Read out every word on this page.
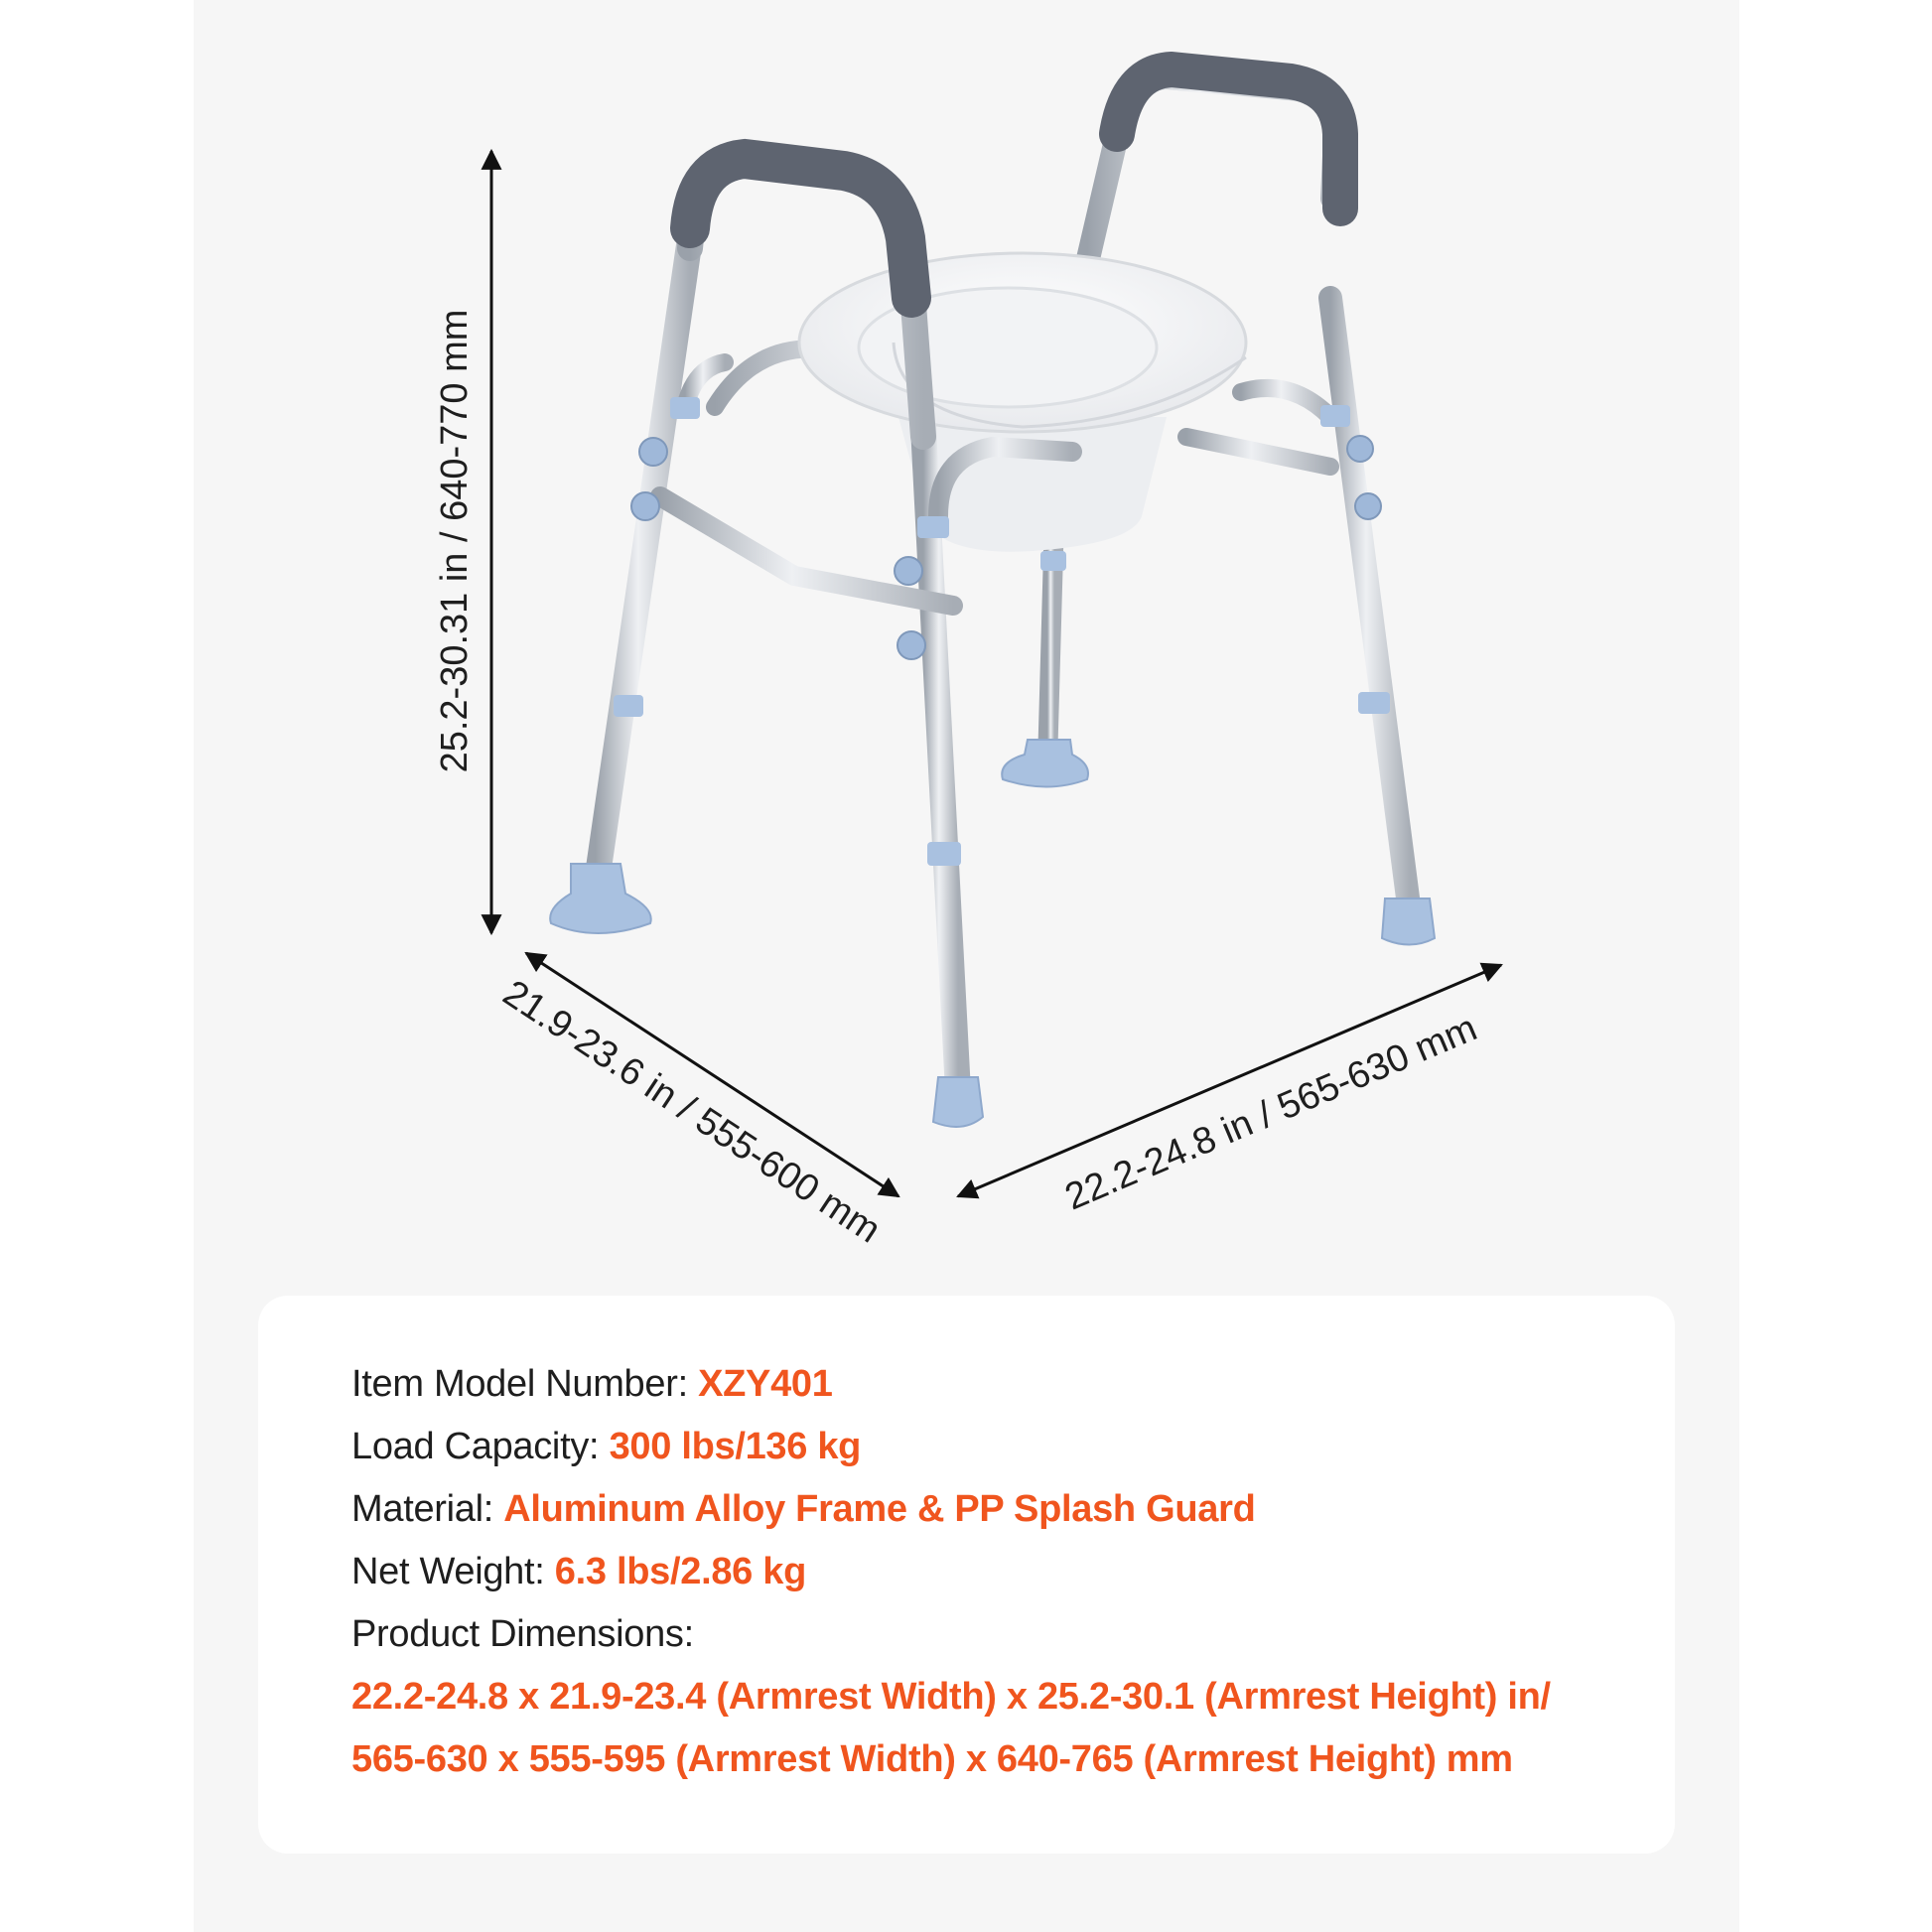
25.2-30.31 in / 640-770 mm
21.9-23.6 in / 555-600 mm	22.2-24.8 in / 565-630 mm
Item Model Number: XZY401
Load Capacity: 300 lbs/136 kg
Material: Aluminum Alloy Frame & PP Splash Guard
Net Weight: 6.3 lbs/2.86 kg
Product Dimensions:
22.2-24.8 x 21.9-23.4 (Armrest Width) x 25.2-30.1 (Armrest Height) in/
565-630 x 555-595 (Armrest Width) x 640-765 (Armrest Height) mm
